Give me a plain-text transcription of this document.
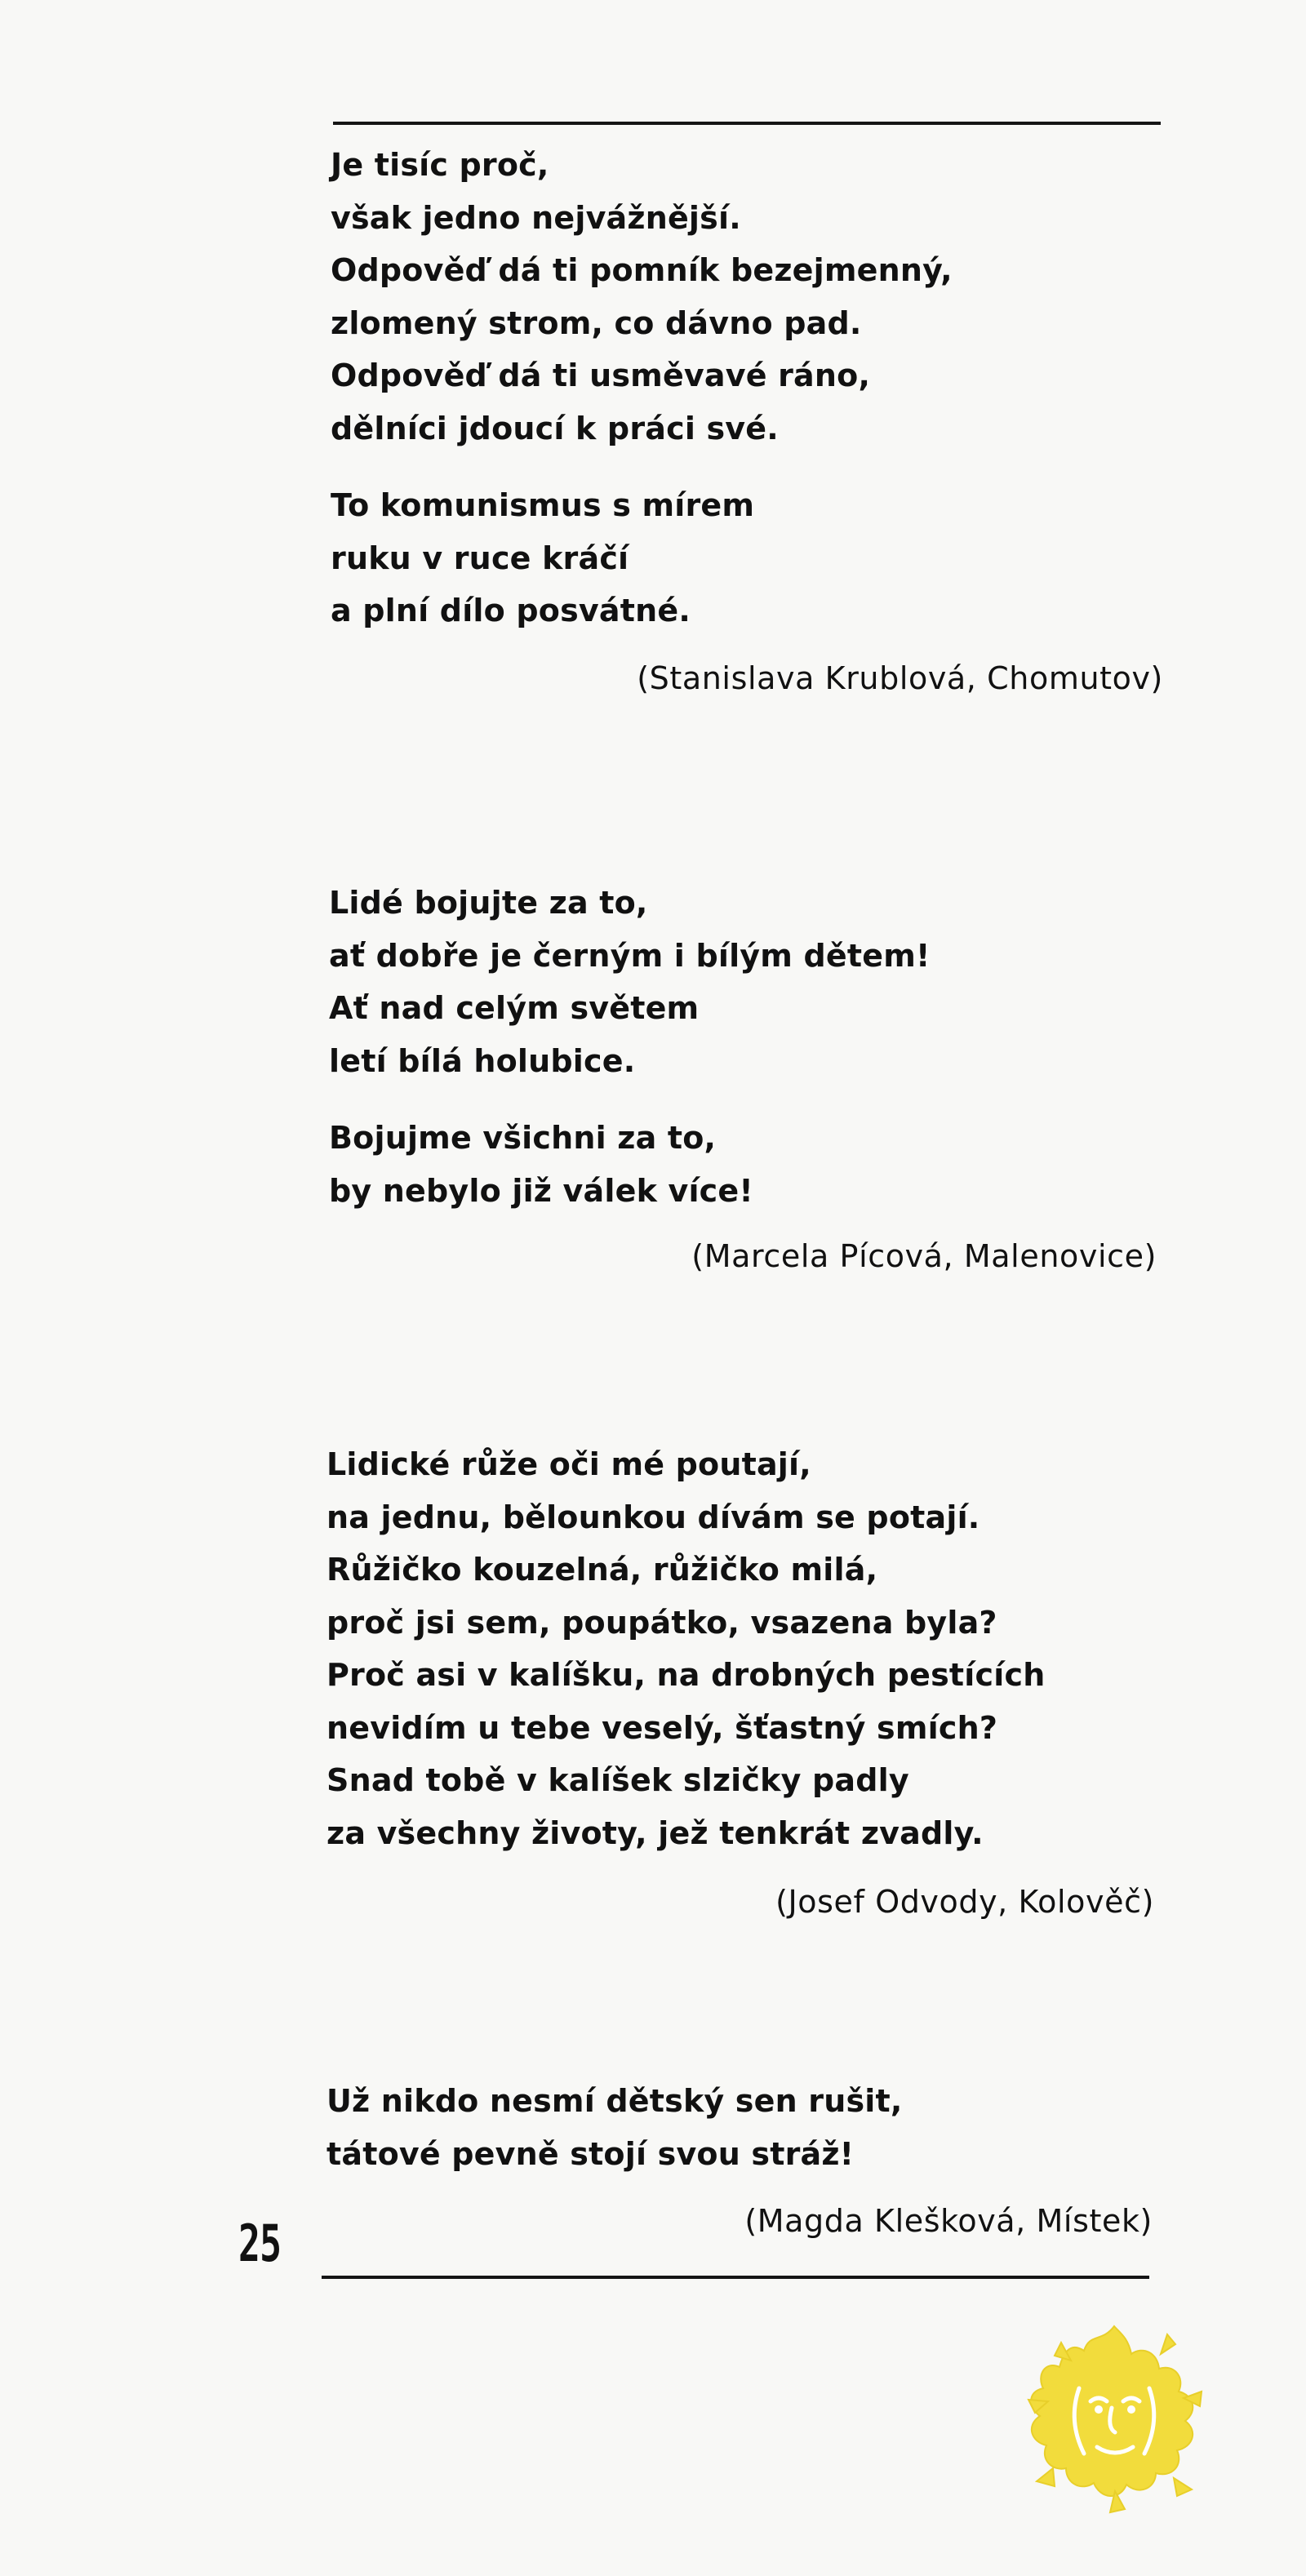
Je tisíc proč,
však jedno nejvážnější.
Odpověď dá ti pomník bezejmenný,
zlomený strom, co dávno pad.
Odpověď dá ti usměvavé ráno,
dělníci jdoucí k práci své.
To komunismus s mírem
ruku v ruce kráčí
a plní dílo posvátné.
(Stanislava Krublová, Chomutov)
Lidé bojujte za to,
ať dobře je černým i bílým dětem!
Ať nad celým světem
letí bílá holubice.
Bojujme všichni za to,
by nebylo již válek více!
(Marcela Pícová, Malenovice)
Lidické růže oči mé poutají,
na jednu, bělounkou dívám se potají.
Růžičko kouzelná, růžičko milá,
proč jsi sem, poupátko, vsazena byla?
Proč asi v kalíšku, na drobných pestících
nevidím u tebe veselý, šťastný smích?
Snad tobě v kalíšek slzičky padly
za všechny životy, jež tenkrát zvadly.
(Josef Odvody, Kolověč)
Už nikdo nesmí dětský sen rušit,
tátové pevně stojí svou stráž!
(Magda Klešková, Místek)
25
